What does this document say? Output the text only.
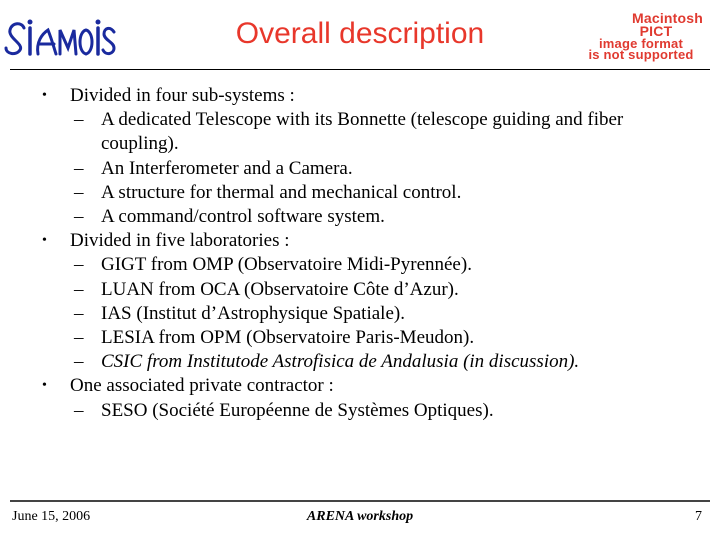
Overall description	Macintosh PICT
image format
is not supported
• Divided in four sub-systems :
– A dedicated Telescope with its Bonnette (telescope guiding and fiber coupling).
– An Interferometer and a Camera.
– A structure for thermal and mechanical control.
– A command/control software system.
• Divided in five laboratories :
– GIGT from OMP (Observatoire Midi-Pyrennée).
– LUAN from OCA (Observatoire Côte d’Azur).
– IAS (Institut d’Astrophysique Spatiale).
– LESIA from OPM (Observatoire Paris-Meudon).
– CSIC from Institutode Astrofisica de Andalusia (in discussion).
• One associated private contractor :
– SESO (Société Européenne de Systèmes Optiques).
June 15, 2006	ARENA workshop	7
